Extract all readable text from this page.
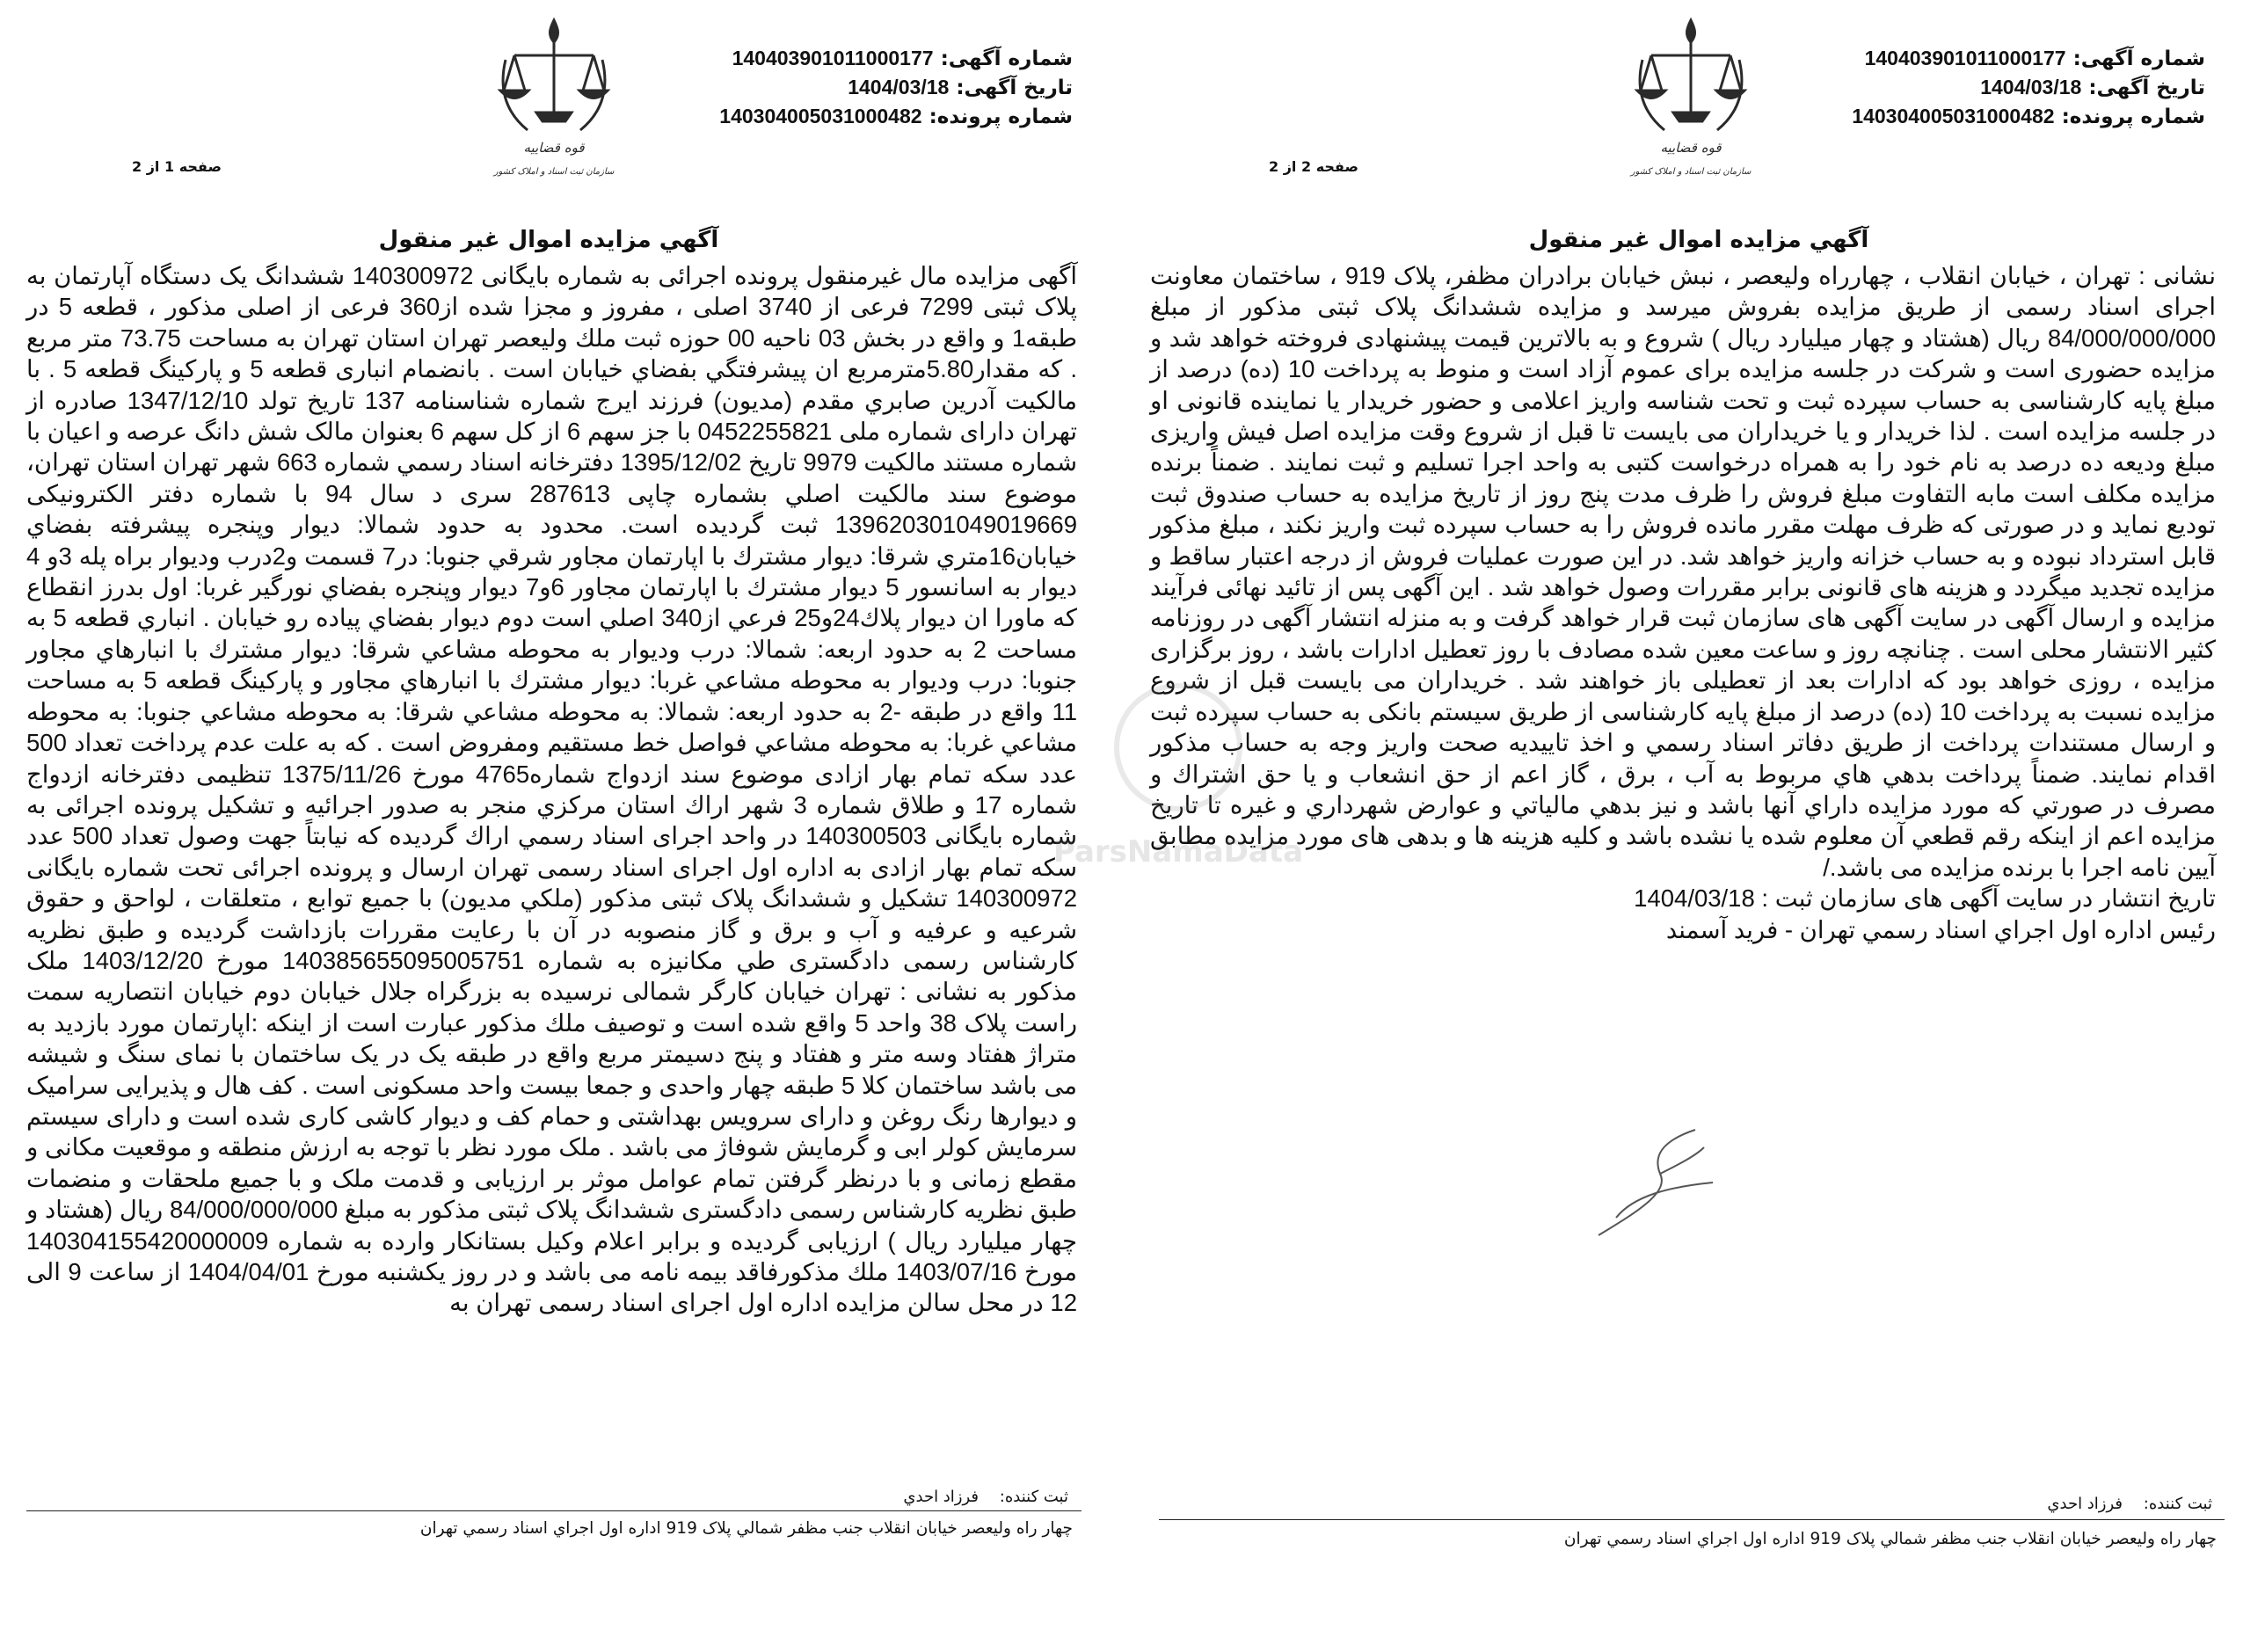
شماره آگهی: 140403901011000177
تاریخ آگهی: 1404/03/18
شماره پرونده: 140304005031000482
قوه قضاییه
سازمان ثبت اسناد و املاک کشور
صفحه 1 از 2
آگهي مزايده اموال غير منقول
آگهی مزایده مال غیرمنقول پرونده اجرائی به شماره بایگانی 140300972 ششدانگ یک دستگاه آپارتمان به پلاک ثبتی 7299 فرعی از 3740 اصلی ، مفروز و مجزا شده از360 فرعی از اصلی مذکور ، قطعه 5 در طبقه1 و واقع در بخش 03 ناحیه 00 حوزه ثبت ملك وليعصر تهران استان تهران به مساحت 73.75 متر مربع . كه مقدار5.80مترمربع ان پيشرفتگي بفضاي خيابان است . بانضمام انباری قطعه 5 و پارکینگ قطعه 5 . با مالكيت آدرين صابري مقدم (مديون) فرزند ایرج شماره شناسنامه 137 تاریخ تولد 1347/12/10 صادره از تهران دارای شماره ملی 0452255821 با جز سهم 6 از کل سهم 6 بعنوان مالک شش دانگ عرصه و اعيان با شماره مستند مالكيت 9979 تاريخ 1395/12/02 دفترخانه اسناد رسمي شماره 663 شهر تهران استان تهران، موضوع سند مالكيت اصلي بشماره چاپی 287613 سری د سال 94 با شماره دفتر الکترونیکی 139620301049019669 ثبت گرديده است. محدود به حدود شمالا: ديوار وپنجره پيشرفته بفضاي خيابان16متري شرقا: ديوار مشترك با اپارتمان مجاور شرقي جنوبا: در7 قسمت و2درب وديوار براه پله 3و 4 ديوار به اسانسور 5 ديوار مشترك با اپارتمان مجاور 6و7 ديوار وپنجره بفضاي نورگير غربا: اول بدرز انقطاع كه ماورا ان ديوار پلاك24و25 فرعي از340 اصلي است دوم ديوار بفضاي پياده رو خيابان . انباري قطعه 5 به مساحت 2 به حدود اربعه: شمالا: درب وديوار به محوطه مشاعي شرقا: ديوار مشترك با انبارهاي مجاور جنوبا: درب وديوار به محوطه مشاعي غربا: ديوار مشترك با انبارهاي مجاور و پاركينگ قطعه 5 به مساحت 11 واقع در طبقه -2 به حدود اربعه: شمالا: به محوطه مشاعي شرقا: به محوطه مشاعي جنوبا: به محوطه مشاعي غربا: به محوطه مشاعي فواصل خط مستقيم ومفروض است . كه به علت عدم پرداخت تعداد 500 عدد سكه تمام بهار ازادی موضوع سند ازدواج شماره4765 مورخ 1375/11/26 تنظيمی دفترخانه ازدواج شماره 17 و طلاق شماره 3 شهر اراك استان مركزي منجر به صدور اجرائیه و تشكيل پرونده اجرائی به شماره بايگانی 140300503 در واحد اجرای اسناد رسمي اراك گرديده كه نيابتاً جهت وصول تعداد 500 عدد سكه تمام بهار ازادی به اداره اول اجرای اسناد رسمی تهران ارسال و پرونده اجرائی تحت شماره بایگانی 140300972 تشکیل و ششدانگ پلاک ثبتی مذکور (ملكي مديون) با جميع توابع ، متعلقات ، لواحق و حقوق شرعیه و عرفیه و آب و برق و گاز منصوبه در آن با رعایت مقررات بازداشت گرديده و طبق نظريه كارشناس رسمی دادگستری طي مكانيزه به شماره 140385655095005751 مورخ 1403/12/20 ملک مذکور به نشانی : تهران خيابان کارگر شمالی نرسیده به بزرگراه جلال خیابان دوم خیابان انتصاریه سمت راست پلاک 38 واحد 5 واقع شده است و توصيف ملك مذكور عبارت است از اینکه :اپارتمان مورد بازدید به متراژ هفتاد وسه متر و هفتاد و پنج دسیمتر مربع واقع در طبقه یک در یک ساختمان با نمای سنگ و شیشه می باشد ساختمان کلا 5 طبقه چهار واحدی و جمعا بیست واحد مسکونی است . کف هال و پذیرایی سرامیک و دیوارها رنگ روغن و دارای سرویس بهداشتی و حمام کف و دیوار کاشی کاری شده است و دارای سیستم سرمایش کولر ابی و گرمایش شوفاژ می باشد . ملک مورد نظر با توجه به ارزش منطقه و موقعیت مکانی و مقطع زمانی و با درنظر گرفتن تمام عوامل موثر بر ارزیابی و قدمت ملک و با جمیع ملحقات و منضمات طبق نظریه کارشناس رسمی دادگستری ششدانگ پلاک ثبتی مذکور به مبلغ 84/000/000/000 ريال (هشتاد و چهار میلیارد ریال ) ارزیابی گردیده و برابر اعلام وکيل بستانکار وارده به شماره 140304155420000009 مورخ 1403/07/16 ملك مذكورفاقد بيمه نامه می باشد و در روز يکشنبه مورخ 1404/04/01 از ساعت 9 الی 12 در محل سالن مزايده اداره اول اجرای اسناد رسمی تهران به
ثبت كننده: فرزاد احدي
چهار راه وليعصر خيابان انقلاب جنب مظفر شمالي پلاک 919 اداره اول اجراي اسناد رسمي تهران
شماره آگهی: 140403901011000177
تاریخ آگهی: 1404/03/18
شماره پرونده: 140304005031000482
قوه قضاییه
سازمان ثبت اسناد و املاک کشور
صفحه 2 از 2
آگهي مزايده اموال غير منقول
نشانی : تهران ، خیابان انقلاب ، چهارراه ولیعصر ، نبش خیابان برادران مظفر، پلاک 919 ، ساختمان معاونت اجرای اسناد رسمی از طریق مزایده بفروش میرسد و مزایده ششدانگ پلاک ثبتی مذکور از مبلغ 84/000/000/000 ريال (هشتاد و چهار میلیارد ریال ) شروع و به بالاترین قیمت پیشنهادی فروخته خواهد شد و مزايده حضوری است و شرکت در جلسه مزایده برای عموم آزاد است و منوط به پرداخت 10 (ده) درصد از مبلغ پایه کارشناسی به حساب سپرده ثبت و تحت شناسه واریز اعلامی و حضور خريدار يا نماينده قانونی او در جلسه مزايده است . لذا خريدار و يا خريداران می بايست تا قبل از شروع وقت مزايده اصل فيش واريزی مبلغ وديعه ده درصد به نام خود را به همراه درخواست كتبی به واحد اجرا تسليم و ثبت نمايند . ضمناً برنده مزايده مكلف است مابه التفاوت مبلغ فروش را ظرف مدت پنج روز از تاريخ مزايده به حساب صندوق ثبت توديع نمايد و در صورتی كه ظرف مهلت مقرر مانده فروش را به حساب سپرده ثبت واريز نكند ، مبلغ مذكور قابل استرداد نبوده و به حساب خزانه واريز خواهد شد. در اين صورت عمليات فروش از درجه اعتبار ساقط و مزايده تجديد ميگردد و هزينه های قانونی برابر مقررات وصول خواهد شد . اين آگهی پس از تائيد نهائی فرآيند مزايده و ارسال آگهی در سايت آگهی های سازمان ثبت قرار خواهد گرفت و به منزله انتشار آگهی در روزنامه كثير الانتشار محلی است . چنانچه روز و ساعت معين شده مصادف با روز تعطيل ادارات باشد ، روز برگزاری مزايده ، روزی خواهد بود كه ادارات بعد از تعطيلی باز خواهند شد . خريداران می بايست قبل از شروع مزايده نسبت به پرداخت 10 (ده) درصد از مبلغ پايه كارشناسی از طريق سيستم بانكی به حساب سپرده ثبت و ارسال مستندات پرداخت از طريق دفاتر اسناد رسمي و اخذ تاييديه صحت واريز وجه به حساب مذكور اقدام نمايند. ضمناً پرداخت بدهي هاي مربوط به آب ، برق ، گاز اعم از حق انشعاب و يا حق اشتراك و مصرف در صورتي كه مورد مزايده داراي آنها باشد و نيز بدهي مالياتي و عوارض شهرداري و غيره تا تاريخ مزايده اعم از اينكه رقم قطعي آن معلوم شده يا نشده باشد و كليه هزينه ها و بدهی های مورد مزايده مطابق آيين نامه اجرا با برنده مزايده می باشد./
تاريخ انتشار در سايت آگهی های سازمان ثبت : 1404/03/18
رئيس اداره اول اجراي اسناد رسمي تهران - فريد آسمند
ثبت كننده: فرزاد احدي
چهار راه وليعصر خيابان انقلاب جنب مظفر شمالي پلاک 919 اداره اول اجراي اسناد رسمي تهران
ParsNamaData
